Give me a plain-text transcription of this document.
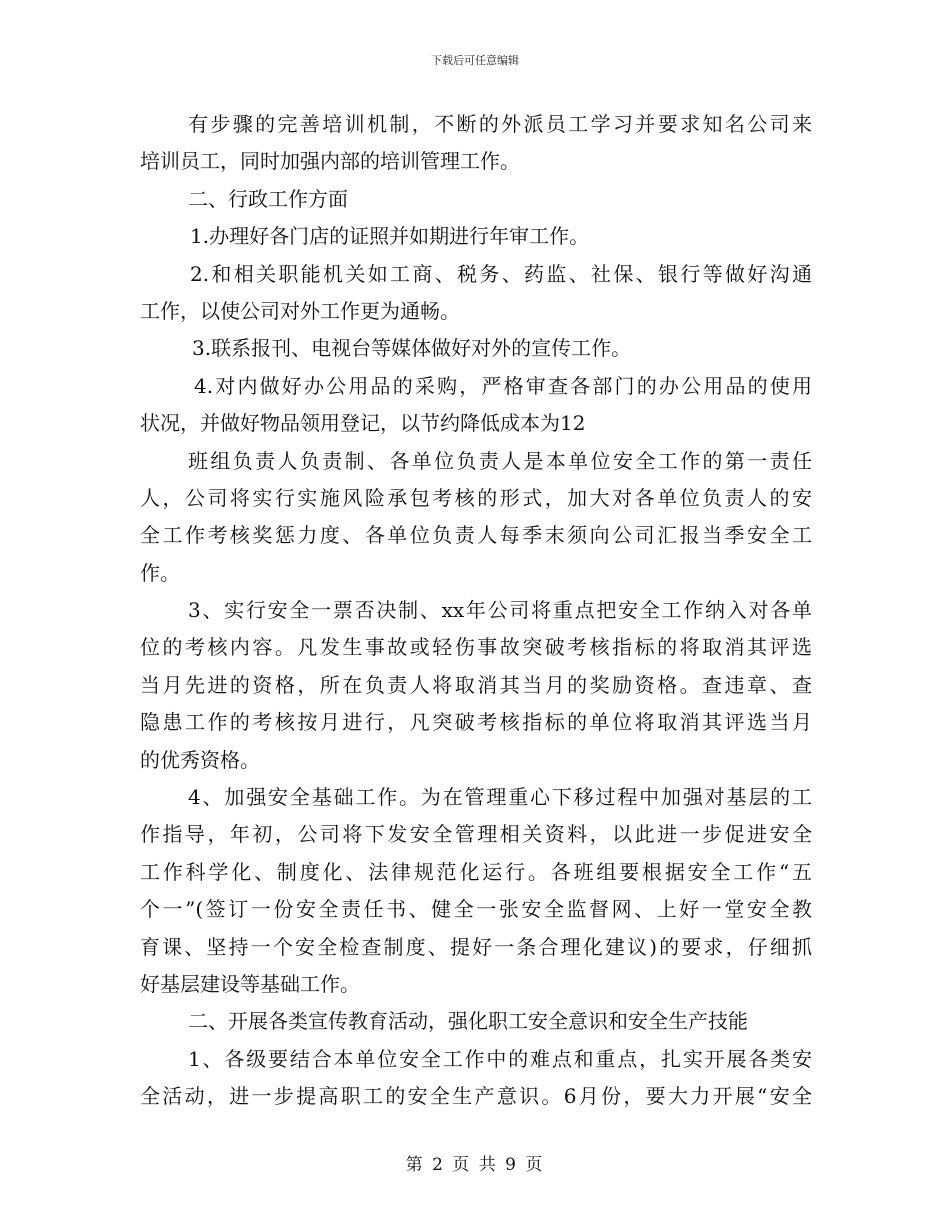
下载后可任意编辑
有步骤的完善培训机制，不断的外派员工学习并要求知名公司来
培训员工，同时加强内部的培训管理工作。
二、行政工作方面
1.办理好各门店的证照并如期进行年审工作。
2.和相关职能机关如工商、税务、药监、社保、银行等做好沟通
工作，以使公司对外工作更为通畅。
3.联系报刊、电视台等媒体做好对外的宣传工作。
4.对内做好办公用品的采购，严格审查各部门的办公用品的使用
状况，并做好物品领用登记，以节约降低成本为12
班组负责人负责制、各单位负责人是本单位安全工作的第一责任
人，公司将实行实施风险承包考核的形式，加大对各单位负责人的安
全工作考核奖惩力度、各单位负责人每季末须向公司汇报当季安全工
作。
3、实行安全一票否决制、xx年公司将重点把安全工作纳入对各单
位的考核内容。凡发生事故或轻伤事故突破考核指标的将取消其评选
当月先进的资格，所在负责人将取消其当月的奖励资格。查违章、查
隐患工作的考核按月进行，凡突破考核指标的单位将取消其评选当月
的优秀资格。
4、加强安全基础工作。为在管理重心下移过程中加强对基层的工
作指导，年初，公司将下发安全管理相关资料，以此进一步促进安全
工作科学化、制度化、法律规范化运行。各班组要根据安全工作“五
个一”(签订一份安全责任书、健全一张安全监督网、上好一堂安全教
育课、坚持一个安全检查制度、提好一条合理化建议)的要求，仔细抓
好基层建设等基础工作。
二、开展各类宣传教育活动，强化职工安全意识和安全生产技能
1、各级要结合本单位安全工作中的难点和重点，扎实开展各类安
全活动，进一步提高职工的安全生产意识。6月份，要大力开展“安全
第 2 页 共 9 页
